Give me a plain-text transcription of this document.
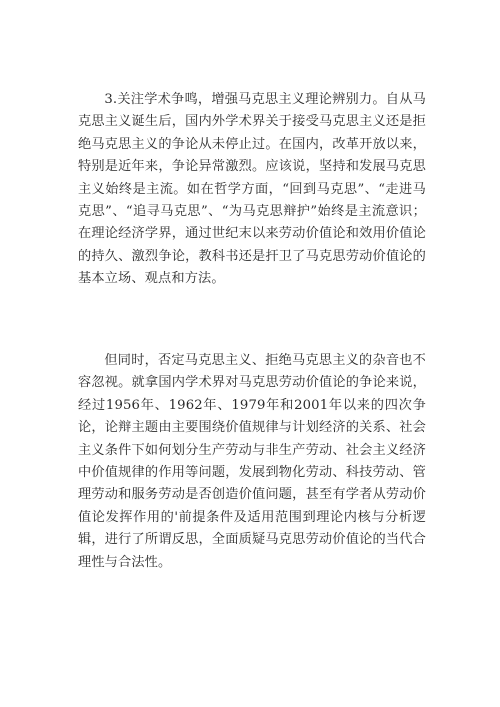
3.关注学术争鸣，增强马克思主义理论辨别力。自从马克思主义诞生后，国内外学术界关于接受马克思主义还是拒绝马克思主义的争论从未停止过。在国内，改革开放以来，特别是近年来，争论异常激烈。应该说，坚持和发展马克思主义始终是主流。如在哲学方面，“回到马克思”、“走进马克思”、“追寻马克思”、“为马克思辩护”始终是主流意识；在理论经济学界，通过世纪末以来劳动价值论和效用价值论的持久、激烈争论，教科书还是扞卫了马克思劳动价值论的基本立场、观点和方法。

但同时，否定马克思主义、拒绝马克思主义的杂音也不容忽视。就拿国内学术界对马克思劳动价值论的争论来说，经过1956年、1962年、1979年和2001年以来的四次争论，论辩主题由主要围绕价值规律与计划经济的关系、社会主义条件下如何划分生产劳动与非生产劳动、社会主义经济中价值规律的作用等问题，发展到物化劳动、科技劳动、管理劳动和服务劳动是否创造价值问题，甚至有学者从劳动价值论发挥作用的'前提条件及适用范围到理论内核与分析逻辑，进行了所谓反思，全面质疑马克思劳动价值论的当代合理性与合法性。
